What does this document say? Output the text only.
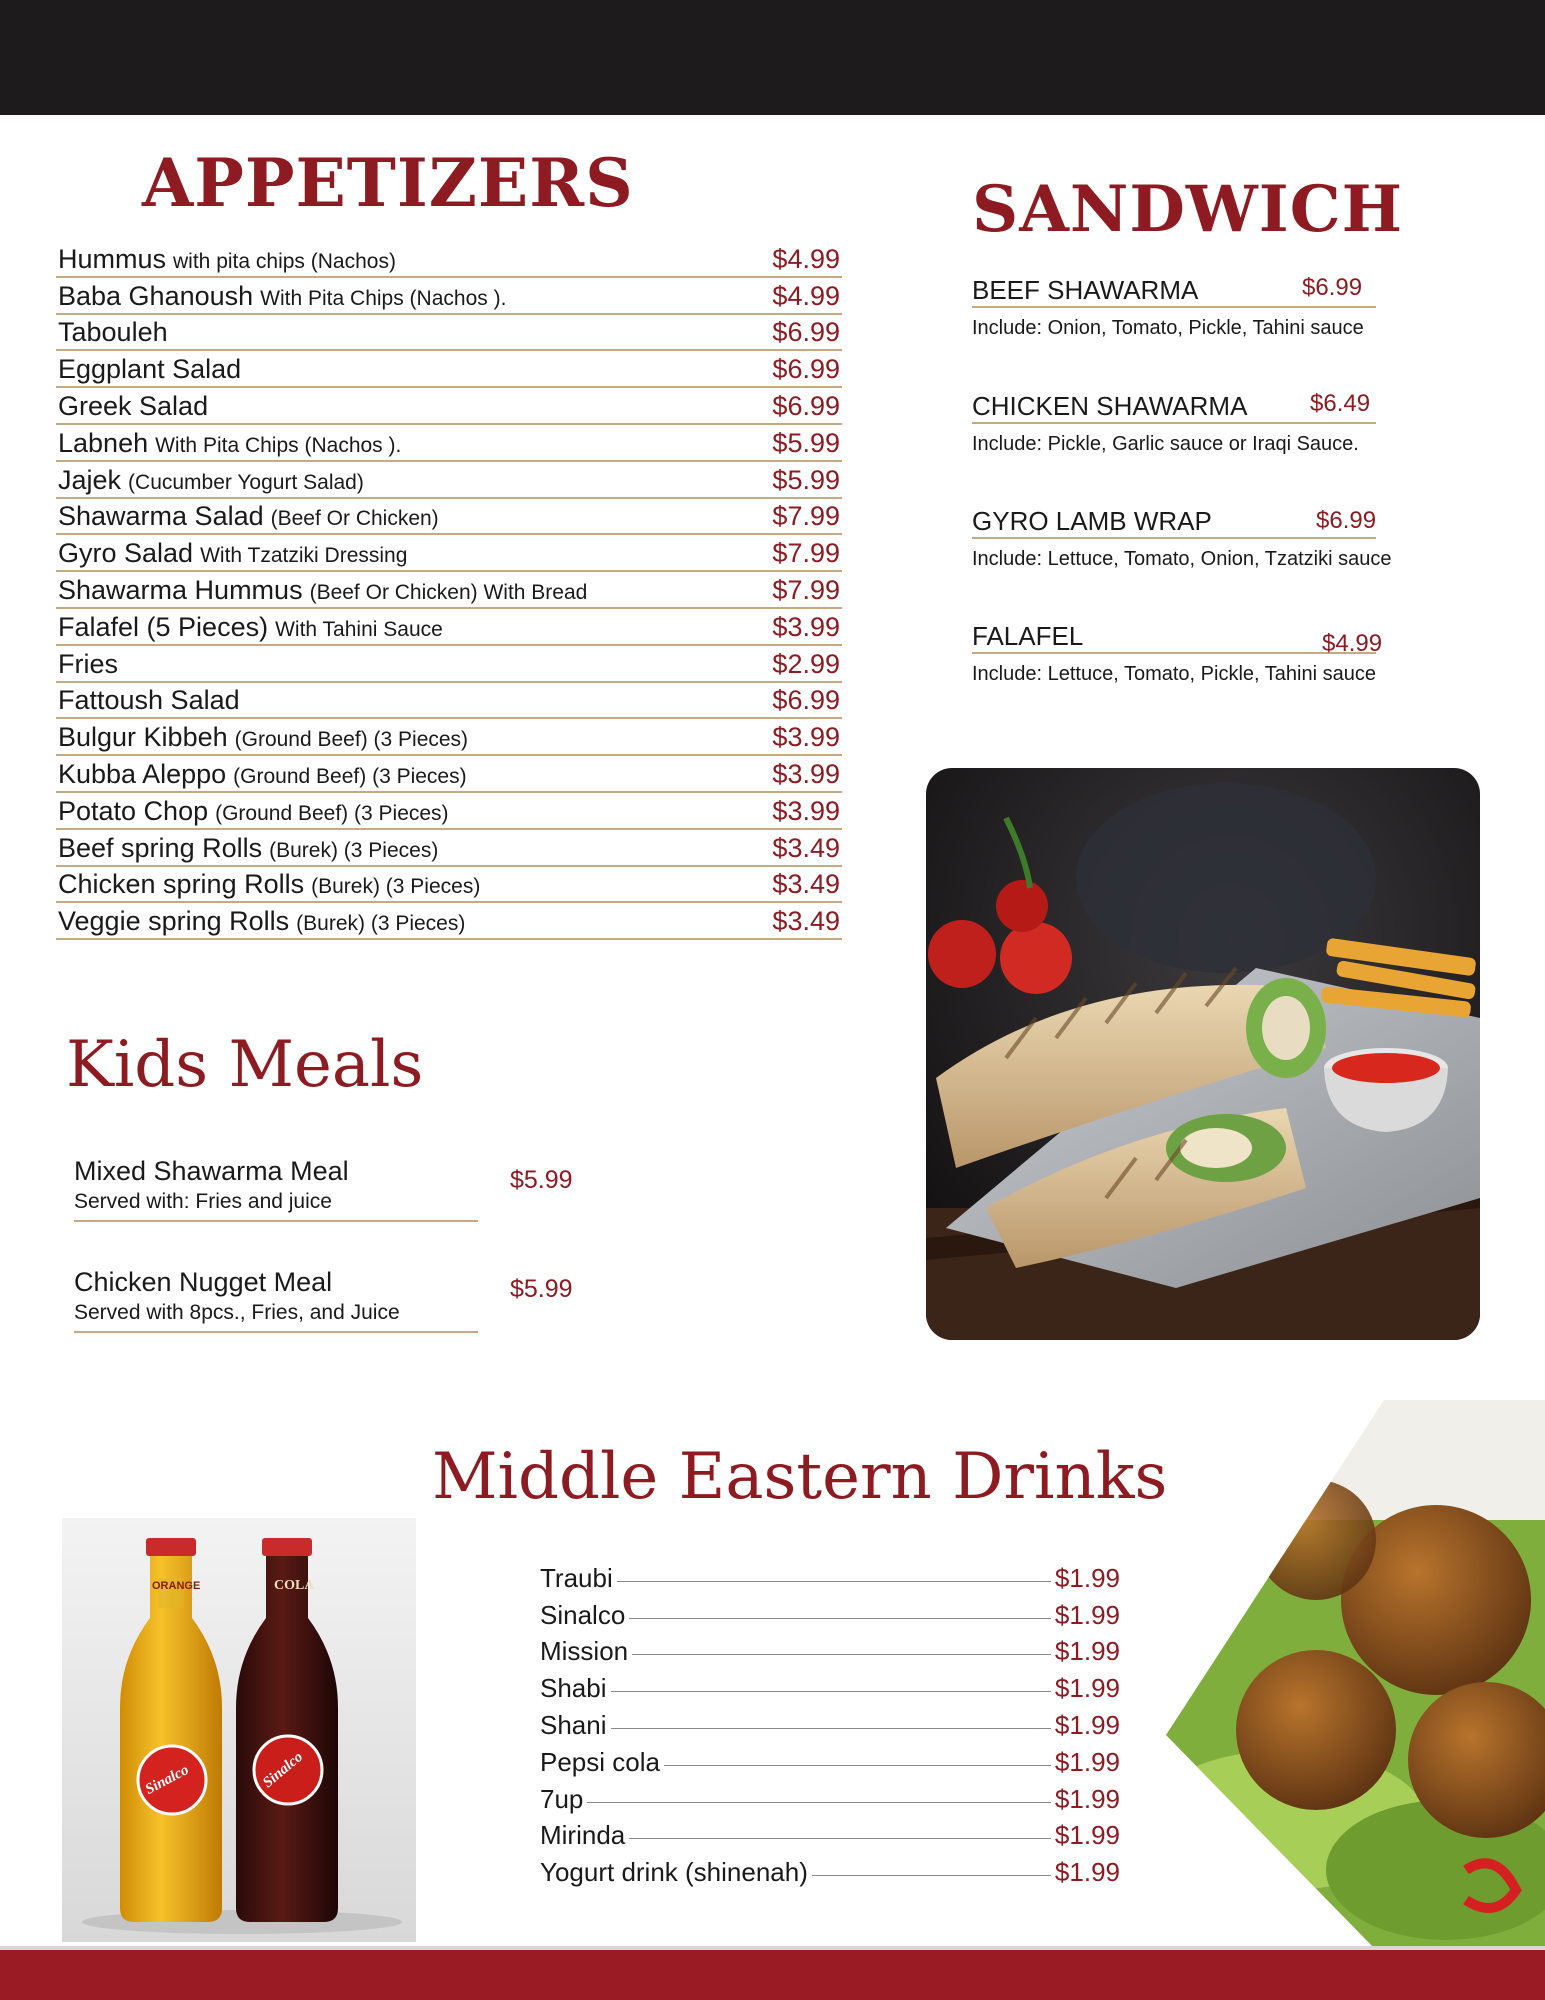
APPETIZERS
Hummus with pita chips (Nachos)	$4.99
Baba Ghanoush With Pita Chips (Nachos ).	$4.99
Tabouleh	$6.99
Eggplant Salad	$6.99
Greek Salad	$6.99
Labneh With Pita Chips (Nachos ).	$5.99
Jajek (Cucumber Yogurt Salad)	$5.99
Shawarma Salad (Beef Or Chicken)	$7.99
Gyro Salad With Tzatziki Dressing	$7.99
Shawarma Hummus (Beef Or Chicken) With Bread	$7.99
Falafel (5 Pieces) With Tahini Sauce	$3.99
Fries	$2.99
Fattoush Salad	$6.99
Bulgur Kibbeh (Ground Beef) (3 Pieces)	$3.99
Kubba Aleppo (Ground Beef) (3 Pieces)	$3.99
Potato Chop (Ground Beef) (3 Pieces)	$3.99
Beef spring Rolls (Burek) (3 Pieces)	$3.49
Chicken spring Rolls (Burek) (3 Pieces)	$3.49
Veggie spring Rolls (Burek) (3 Pieces)	$3.49
SANDWICH
BEEF SHAWARMA	$6.99
Include: Onion, Tomato, Pickle, Tahini sauce
CHICKEN SHAWARMA	$6.49
Include: Pickle, Garlic sauce or Iraqi Sauce.
GYRO LAMB WRAP	$6.99
Include: Lettuce, Tomato, Onion, Tzatziki sauce
FALAFEL	$4.99
Include: Lettuce, Tomato, Pickle, Tahini sauce
Kids Meals
Mixed Shawarma Meal
Served with: Fries and juice
$5.99
Chicken Nugget Meal
Served with 8pcs., Fries, and Juice
$5.99
Middle Eastern Drinks
ORANGE	COLA
Sinalco	Sinalco
Traubi	$1.99
Sinalco	$1.99
Mission	$1.99
Shabi	$1.99
Shani	$1.99
Pepsi cola	$1.99
7up	$1.99
Mirinda	$1.99
Yogurt drink (shinenah)	$1.99
